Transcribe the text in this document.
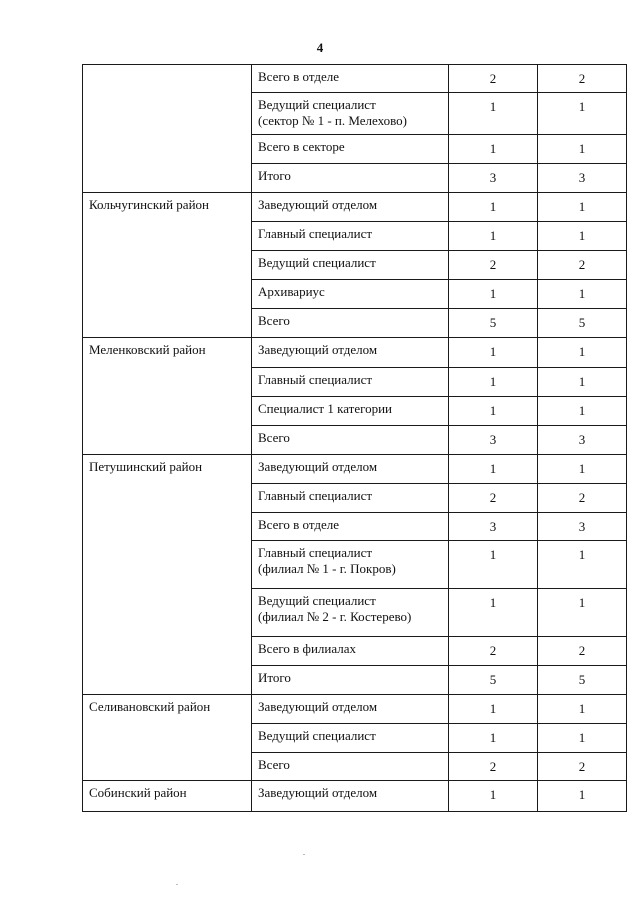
4

	Всего в отделе	2	2

	Ведущий специалист
(сектор № 1 - п. Мелехово)	1	1

	Всего в секторе	1	1

	Итого	3	3
Кольчугинский район	Заведующий отделом	1	1

	Главный специалист	1	1

	Ведущий специалист	2	2

	Архивариус	1	1

	Всего	5	5
Меленковский район	Заведующий отделом	1	1

	Главный специалист	1	1

	Специалист 1 категории	1	1

	Всего	3	3
Петушинский район	Заведующий отделом	1	1

	Главный специалист	2	2

	Всего в отделе	3	3

	Главный специалист
(филиал № 1 - г. Покров)	1	1

	Ведущий специалист
(филиал № 2 - г. Костерево)	1	1

	Всего в филиалах	2	2

	Итого	5	5
Селивановский район	Заведующий отделом	1	1

	Ведущий специалист	1	1

	Всего	2	2
Собинский район	Заведующий отделом	1	1
